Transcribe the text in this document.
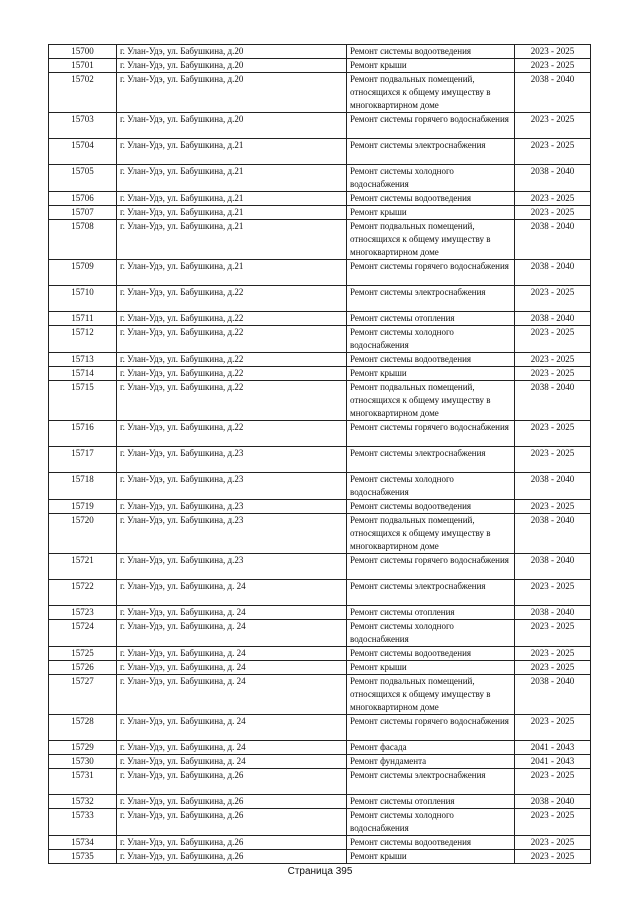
15700	г. Улан-Удэ, ул. Бабушкина, д.20	Ремонт системы водоотведения	2023 - 2025
15701	г. Улан-Удэ, ул. Бабушкина, д.20	Ремонт крыши	2023 - 2025
15702	г. Улан-Удэ, ул. Бабушкина, д.20	Ремонт подвальных помещений, относящихся к общему имуществу в многоквартирном доме	2038 - 2040
15703	г. Улан-Удэ, ул. Бабушкина, д.20	Ремонт системы горячего водоснабжения	2023 - 2025
15704	г. Улан-Удэ, ул. Бабушкина, д.21	Ремонт системы электроснабжения	2023 - 2025
15705	г. Улан-Удэ, ул. Бабушкина, д.21	Ремонт системы холодного водоснабжения	2038 - 2040
15706	г. Улан-Удэ, ул. Бабушкина, д.21	Ремонт системы водоотведения	2023 - 2025
15707	г. Улан-Удэ, ул. Бабушкина, д.21	Ремонт крыши	2023 - 2025
15708	г. Улан-Удэ, ул. Бабушкина, д.21	Ремонт подвальных помещений, относящихся к общему имуществу в многоквартирном доме	2038 - 2040
15709	г. Улан-Удэ, ул. Бабушкина, д.21	Ремонт системы горячего водоснабжения	2038 - 2040
15710	г. Улан-Удэ, ул. Бабушкина, д.22	Ремонт системы электроснабжения	2023 - 2025
15711	г. Улан-Удэ, ул. Бабушкина, д.22	Ремонт системы отопления	2038 - 2040
15712	г. Улан-Удэ, ул. Бабушкина, д.22	Ремонт системы холодного водоснабжения	2023 - 2025
15713	г. Улан-Удэ, ул. Бабушкина, д.22	Ремонт системы водоотведения	2023 - 2025
15714	г. Улан-Удэ, ул. Бабушкина, д.22	Ремонт крыши	2023 - 2025
15715	г. Улан-Удэ, ул. Бабушкина, д.22	Ремонт подвальных помещений, относящихся к общему имуществу в многоквартирном доме	2038 - 2040
15716	г. Улан-Удэ, ул. Бабушкина, д.22	Ремонт системы горячего водоснабжения	2023 - 2025
15717	г. Улан-Удэ, ул. Бабушкина, д.23	Ремонт системы электроснабжения	2023 - 2025
15718	г. Улан-Удэ, ул. Бабушкина, д.23	Ремонт системы холодного водоснабжения	2038 - 2040
15719	г. Улан-Удэ, ул. Бабушкина, д.23	Ремонт системы водоотведения	2023 - 2025
15720	г. Улан-Удэ, ул. Бабушкина, д.23	Ремонт подвальных помещений, относящихся к общему имуществу в многоквартирном доме	2038 - 2040
15721	г. Улан-Удэ, ул. Бабушкина, д.23	Ремонт системы горячего водоснабжения	2038 - 2040
15722	г. Улан-Удэ, ул. Бабушкина, д. 24	Ремонт системы электроснабжения	2023 - 2025
15723	г. Улан-Удэ, ул. Бабушкина, д. 24	Ремонт системы отопления	2038 - 2040
15724	г. Улан-Удэ, ул. Бабушкина, д. 24	Ремонт системы холодного водоснабжения	2023 - 2025
15725	г. Улан-Удэ, ул. Бабушкина, д. 24	Ремонт системы водоотведения	2023 - 2025
15726	г. Улан-Удэ, ул. Бабушкина, д. 24	Ремонт крыши	2023 - 2025
15727	г. Улан-Удэ, ул. Бабушкина, д. 24	Ремонт подвальных помещений, относящихся к общему имуществу в многоквартирном доме	2038 - 2040
15728	г. Улан-Удэ, ул. Бабушкина, д. 24	Ремонт системы горячего водоснабжения	2023 - 2025
15729	г. Улан-Удэ, ул. Бабушкина, д. 24	Ремонт фасада	2041 - 2043
15730	г. Улан-Удэ, ул. Бабушкина, д. 24	Ремонт фундамента	2041 - 2043
15731	г. Улан-Удэ, ул. Бабушкина, д.26	Ремонт системы электроснабжения	2023 - 2025
15732	г. Улан-Удэ, ул. Бабушкина, д.26	Ремонт системы отопления	2038 - 2040
15733	г. Улан-Удэ, ул. Бабушкина, д.26	Ремонт системы холодного водоснабжения	2023 - 2025
15734	г. Улан-Удэ, ул. Бабушкина, д.26	Ремонт системы водоотведения	2023 - 2025
15735	г. Улан-Удэ, ул. Бабушкина, д.26	Ремонт крыши	2023 - 2025
Страница 395
